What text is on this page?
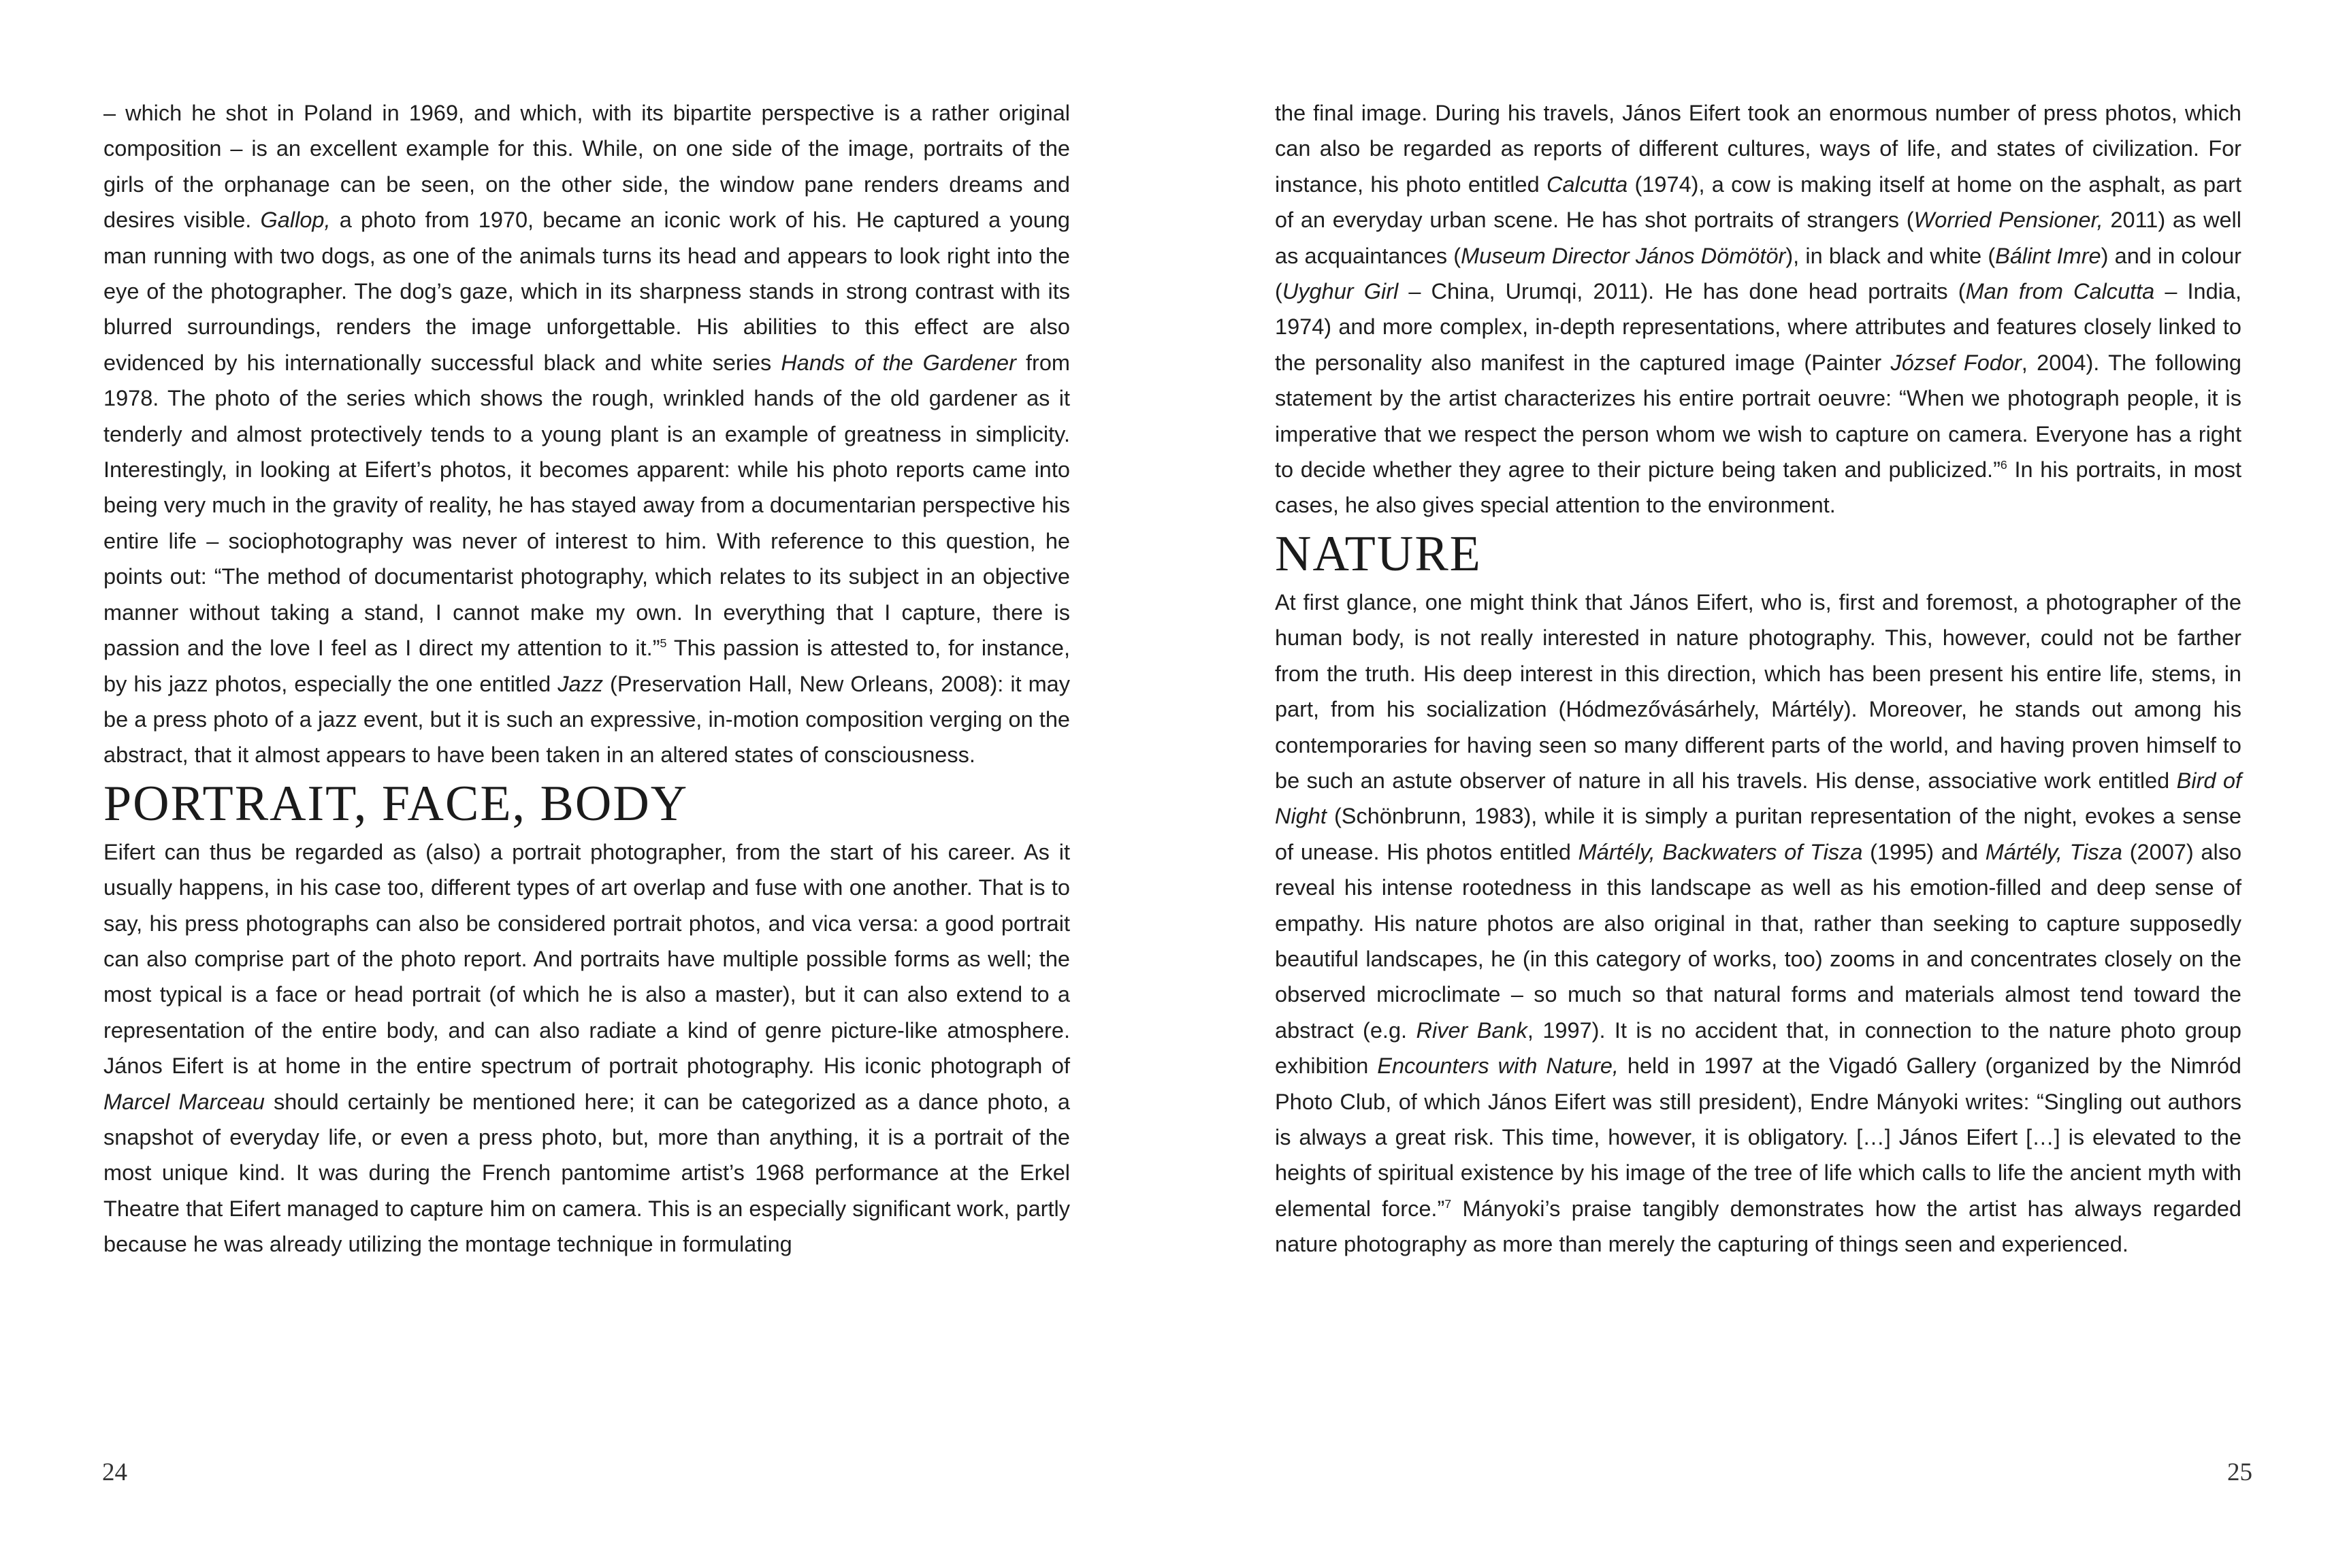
– which he shot in Poland in 1969, and which, with its bipartite perspective is a rather original composition – is an excellent example for this. While, on one side of the image, portraits of the girls of the orphanage can be seen, on the other side, the window pane renders dreams and desires visible. Gallop, a photo from 1970, became an iconic work of his. He captured a young man running with two dogs, as one of the animals turns its head and appears to look right into the eye of the photographer. The dog’s gaze, which in its sharpness stands in strong contrast with its blurred surroundings, renders the image unforgettable. His abilities to this effect are also evidenced by his internationally successful black and white series Hands of the Gardener from 1978. The photo of the series which shows the rough, wrinkled hands of the old gardener as it tenderly and almost protectively tends to a young plant is an example of greatness in simplicity. Interestingly, in looking at Eifert’s photos, it becomes apparent: while his photo reports came into being very much in the gravity of reality, he has stayed away from a documentarian perspective his entire life – sociophotography was never of interest to him. With reference to this question, he points out: “The method of documentarist photography, which relates to its subject in an objective manner without taking a stand, I cannot make my own. In everything that I capture, there is passion and the love I feel as I direct my attention to it.”$^5$ This passion is attested to, for instance, by his jazz photos, especially the one entitled Jazz (Preservation Hall, New Orleans, 2008): it may be a press photo of a jazz event, but it is such an expressive, in-motion composition verging on the abstract, that it almost appears to have been taken in an altered states of consciousness.

PORTRAIT, FACE, BODY

Eifert can thus be regarded as (also) a portrait photographer, from the start of his career. As it usually happens, in his case too, different types of art overlap and fuse with one another. That is to say, his press photographs can also be considered portrait photos, and vica versa: a good portrait can also comprise part of the photo report. And portraits have multiple possible forms as well; the most typical is a face or head portrait (of which he is also a master), but it can also extend to a representation of the entire body, and can also radiate a kind of genre picture-like atmosphere. János Eifert is at home in the entire spectrum of portrait photography. His iconic photograph of Marcel Marceau should certainly be mentioned here; it can be categorized as a dance photo, a snapshot of everyday life, or even a press photo, but, more than anything, it is a portrait of the most unique kind. It was during the French pantomime artist’s 1968 performance at the Erkel Theatre that Eifert managed to capture him on camera. This is an especially significant work, partly because he was already utilizing the montage technique in formulating

24

the final image. During his travels, János Eifert took an enormous number of press photos, which can also be regarded as reports of different cultures, ways of life, and states of civilization. For instance, his photo entitled Calcutta (1974), a cow is making itself at home on the asphalt, as part of an everyday urban scene. He has shot portraits of strangers (Worried Pensioner, 2011) as well as acquaintances (Museum Director János Dömötör), in black and white (Bálint Imre) and in colour (Uyghur Girl – China, Urumqi, 2011). He has done head portraits (Man from Calcutta – India, 1974) and more complex, in-depth representations, where attributes and features closely linked to the personality also manifest in the captured image (Painter József Fodor, 2004). The following statement by the artist characterizes his entire portrait oeuvre: “When we photograph people, it is imperative that we respect the person whom we wish to capture on camera. Everyone has a right to decide whether they agree to their picture being taken and publicized.”$^6$ In his portraits, in most cases, he also gives special attention to the environment.

NATURE

At first glance, one might think that János Eifert, who is, first and foremost, a photographer of the human body, is not really interested in nature photography. This, however, could not be farther from the truth. His deep interest in this direction, which has been present his entire life, stems, in part, from his socialization (Hódmezővásárhely, Mártély). Moreover, he stands out among his contemporaries for having seen so many different parts of the world, and having proven himself to be such an astute observer of nature in all his travels. His dense, associative work entitled Bird of Night (Schönbrunn, 1983), while it is simply a puritan representation of the night, evokes a sense of unease. His photos entitled Mártély, Backwaters of Tisza (1995) and Mártély, Tisza (2007) also reveal his intense rootedness in this landscape as well as his emotion-filled and deep sense of empathy. His nature photos are also original in that, rather than seeking to capture supposedly beautiful landscapes, he (in this category of works, too) zooms in and concentrates closely on the observed microclimate – so much so that natural forms and materials almost tend toward the abstract (e.g. River Bank, 1997). It is no accident that, in connection to the nature photo group exhibition Encounters with Nature, held in 1997 at the Vigadó Gallery (organized by the Nimród Photo Club, of which János Eifert was still president), Endre Mányoki writes: “Singling out authors is always a great risk. This time, however, it is obligatory. […] János Eifert […] is elevated to the heights of spiritual existence by his image of the tree of life which calls to life the ancient myth with elemental force.”$^7$ Mányoki’s praise tangibly demonstrates how the artist has always regarded nature photography as more than merely the capturing of things seen and experienced.

25
